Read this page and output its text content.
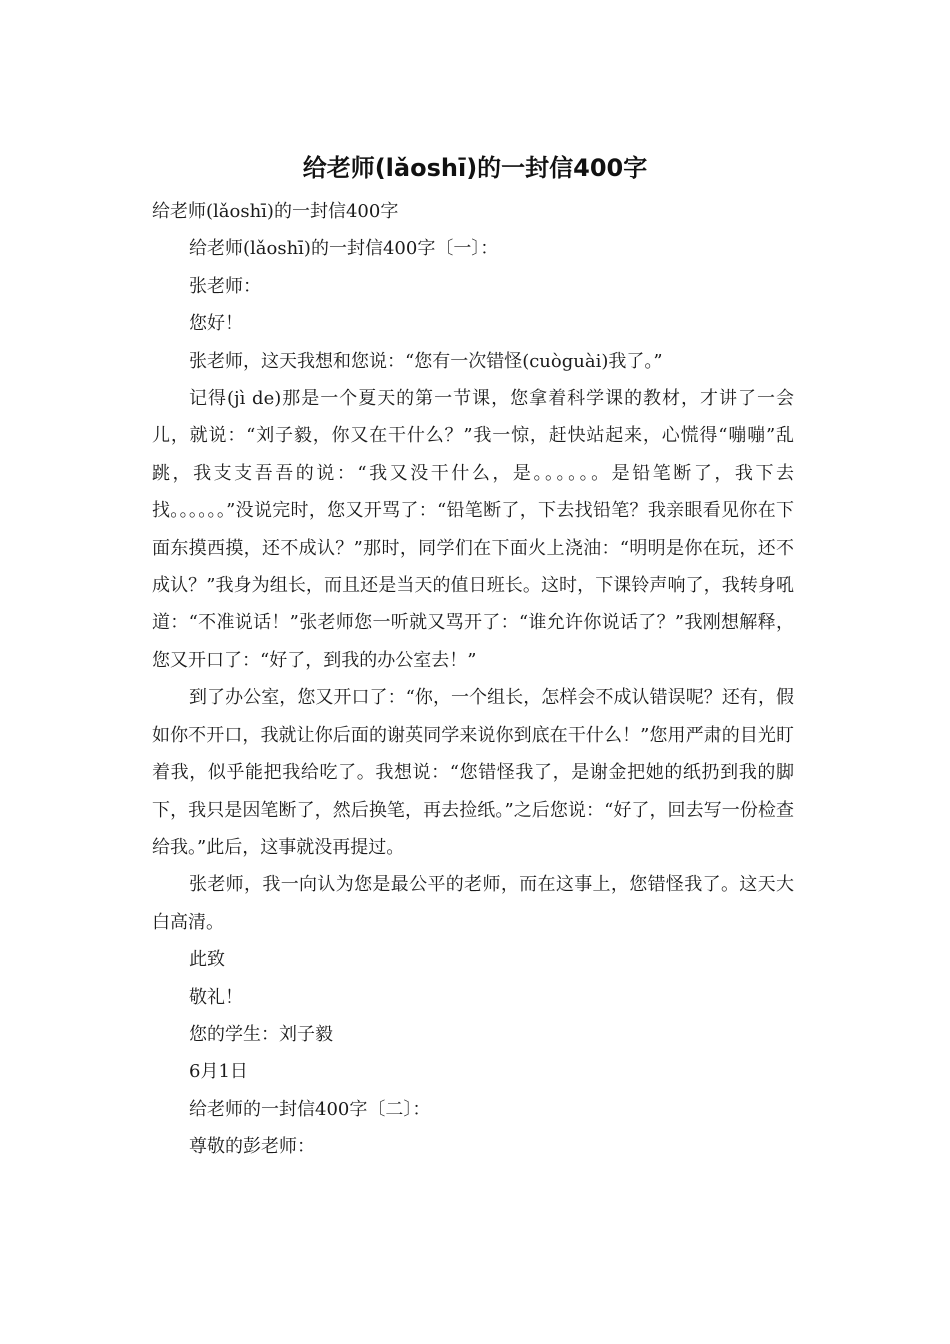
给老师(lǎoshī)的一封信400字

给老师(lǎoshī)的一封信400字

给老师(lǎoshī)的一封信400字〔一〕：

张老师：

您好！

张老师，这天我想和您说：“您有一次错怪(cuòguài)我了。”

记得(jì de)那是一个夏天的第一节课，您拿着科学课的教材，才讲了一会儿，就说：“刘子毅，你又在干什么？”我一惊，赶快站起来，心慌得“嘣嘣”乱跳，我支支吾吾的说：“我又没干什么，是。。。。。。是铅笔断了，我下去找。。。。。。”没说完时，您又开骂了：“铅笔断了，下去找铅笔？我亲眼看见你在下面东摸西摸，还不成认？”那时，同学们在下面火上浇油：“明明是你在玩，还不成认？”我身为组长，而且还是当天的值日班长。这时，下课铃声响了，我转身吼道：“不准说话！”张老师您一听就又骂开了：“谁允许你说话了？”我刚想解释，您又开口了：“好了，到我的办公室去！”

到了办公室，您又开口了：“你，一个组长，怎样会不成认错误呢？还有，假如你不开口，我就让你后面的谢英同学来说你到底在干什么！”您用严肃的目光盯着我，似乎能把我给吃了。我想说：“您错怪我了，是谢金把她的纸扔到我的脚下，我只是因笔断了，然后换笔，再去捡纸。”之后您说：“好了，回去写一份检查给我。”此后，这事就没再提过。

张老师，我一向认为您是最公平的老师，而在这事上，您错怪我了。这天大白高清。

此致

敬礼！

您的学生：刘子毅

6月1日

给老师的一封信400字〔二〕：

尊敬的彭老师：
